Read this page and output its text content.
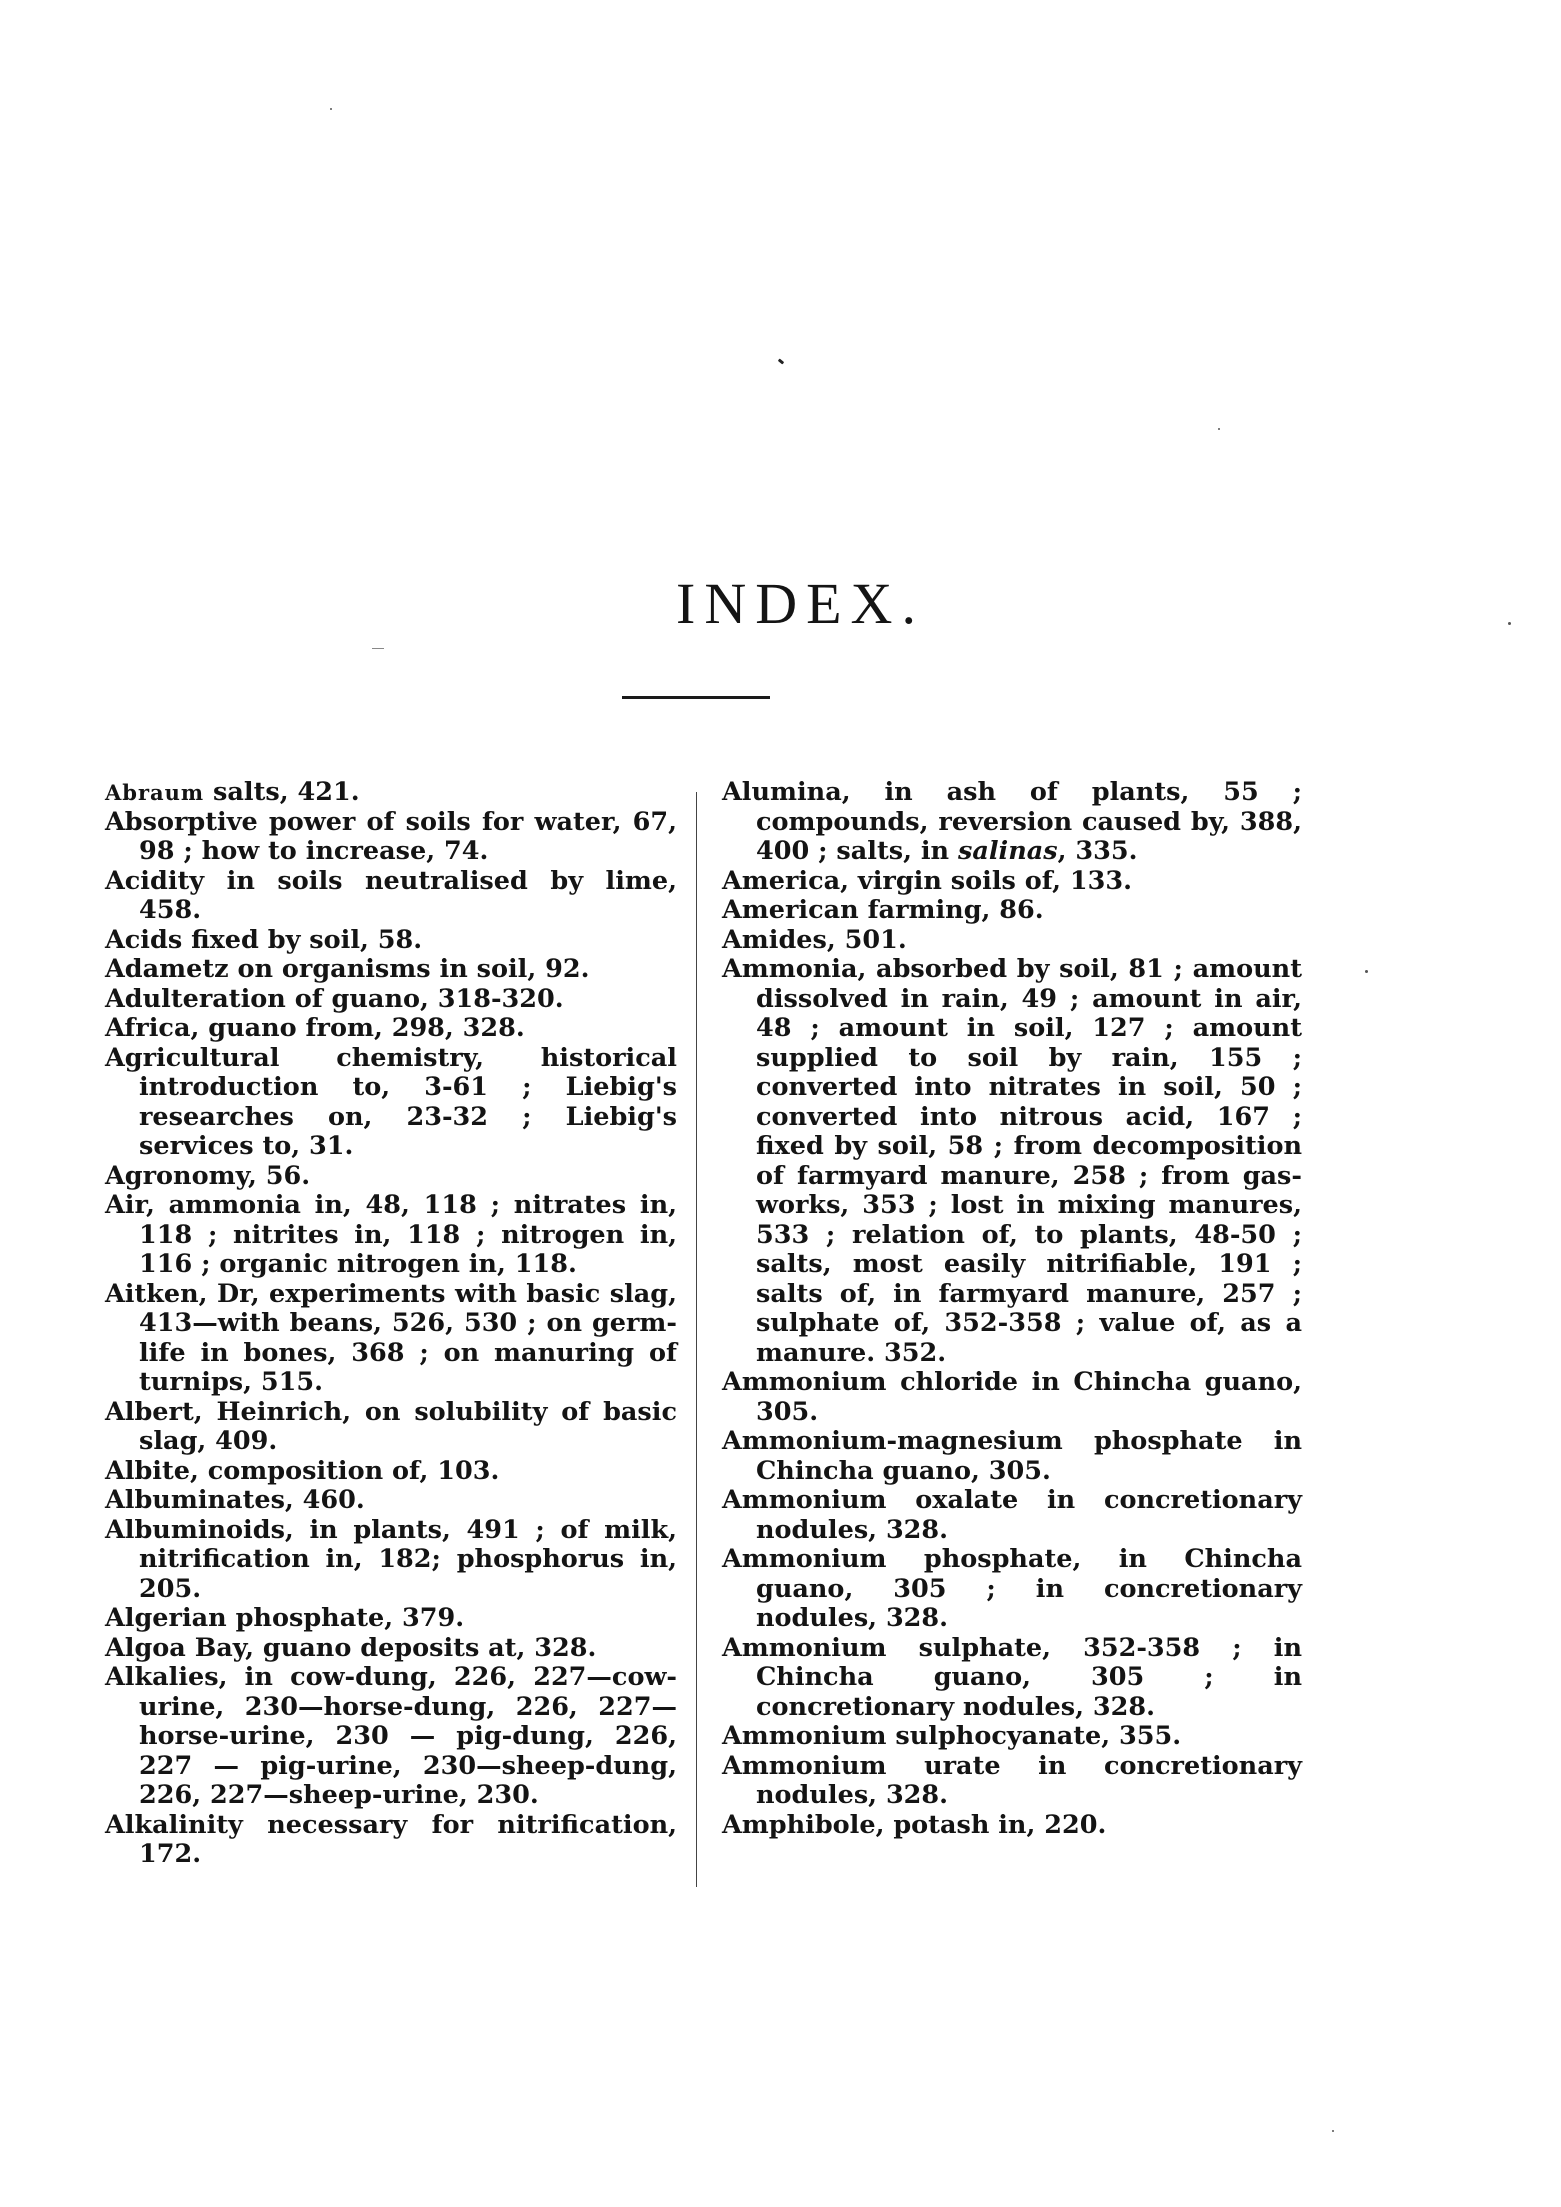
INDEX.

Abraum salts, 421.

Absorptive power of soils for water, 67, 98 ; how to increase, 74.

Acidity in soils neutralised by lime, 458.

Acids fixed by soil, 58.

Adametz on organisms in soil, 92.

Adulteration of guano, 318-320.

Africa, guano from, 298, 328.

Agricultural chemistry, historical introduction to, 3-61 ; Liebig's researches on, 23-32 ; Liebig's services to, 31.

Agronomy, 56.

Air, ammonia in, 48, 118 ; nitrates in, 118 ; nitrites in, 118 ; nitrogen in, 116 ; organic nitrogen in, 118.

Aitken, Dr, experiments with basic slag, 413—with beans, 526, 530 ; on germ-life in bones, 368 ; on manuring of turnips, 515.

Albert, Heinrich, on solubility of basic slag, 409.

Albite, composition of, 103.

Albuminates, 460.

Albuminoids, in plants, 491 ; of milk, nitrification in, 182; phosphorus in, 205.

Algerian phosphate, 379.

Algoa Bay, guano deposits at, 328.

Alkalies, in cow-dung, 226, 227—cow-urine, 230—horse-dung, 226, 227—horse-urine, 230 — pig-dung, 226, 227 — pig-urine, 230—sheep-dung, 226, 227—sheep-urine, 230.

Alkalinity necessary for nitrification, 172.

Alumina, in ash of plants, 55 ; compounds, reversion caused by, 388, 400 ; salts, in salinas, 335.

America, virgin soils of, 133.

American farming, 86.

Amides, 501.

Ammonia, absorbed by soil, 81 ; amount dissolved in rain, 49 ; amount in air, 48 ; amount in soil, 127 ; amount supplied to soil by rain, 155 ; converted into nitrates in soil, 50 ; converted into nitrous acid, 167 ; fixed by soil, 58 ; from decomposition of farmyard manure, 258 ; from gas-works, 353 ; lost in mixing manures, 533 ; relation of, to plants, 48-50 ; salts, most easily nitrifiable, 191 ; salts of, in farmyard manure, 257 ; sulphate of, 352-358 ; value of, as a manure. 352.

Ammonium chloride in Chincha guano, 305.

Ammonium-magnesium phosphate in Chincha guano, 305.

Ammonium oxalate in concretionary nodules, 328.

Ammonium phosphate, in Chincha guano, 305 ; in concretionary nodules, 328.

Ammonium sulphate, 352-358 ; in Chincha guano, 305 ; in concretionary nodules, 328.

Ammonium sulphocyanate, 355.

Ammonium urate in concretionary nodules, 328.

Amphibole, potash in, 220.
